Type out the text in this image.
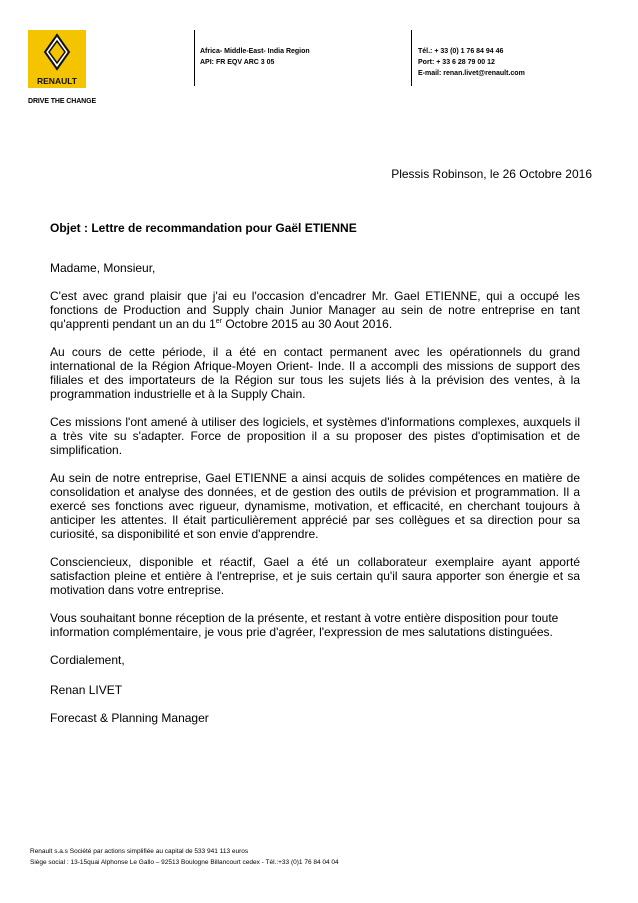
RENAULT
DRIVE THE CHANGE
Africa- Middle-East- India Region
API: FR EQV ARC 3 05
Tél.: + 33 (0) 1 76 84 94 46
Port: + 33 6 28 79 00 12
E-mail: renan.livet@renault.com
Plessis Robinson, le 26 Octobre 2016
Objet : Lettre de recommandation pour Gaël ETIENNE

Madame, Monsieur,

C'est avec grand plaisir que j'ai eu l'occasion d'encadrer Mr. Gael ETIENNE, qui a occupé les fonctions de Production and Supply chain Junior Manager au sein de notre entreprise en tant qu'apprenti pendant un an du 1er Octobre 2015 au 30 Aout 2016.

Au cours de cette période, il a été en contact permanent avec les opérationnels du grand international de la Région Afrique-Moyen Orient- Inde. Il a accompli des missions de support des filiales et des importateurs de la Région sur tous les sujets liés à la prévision des ventes, à la programmation industrielle et à la Supply Chain.

Ces missions l'ont amené à utiliser des logiciels, et systèmes d'informations complexes, auxquels il a très vite su s'adapter. Force de proposition il a su proposer des pistes d'optimisation et de simplification.

Au sein de notre entreprise, Gael ETIENNE a ainsi acquis de solides compétences en matière de consolidation et analyse des données, et de gestion des outils de prévision et programmation. Il a exercé ses fonctions avec rigueur, dynamisme, motivation, et efficacité, en cherchant toujours à anticiper les attentes. Il était particulièrement apprécié par ses collègues et sa direction pour sa curiosité, sa disponibilité et son envie d'apprendre.

Consciencieux, disponible et réactif, Gael a été un collaborateur exemplaire ayant apporté satisfaction pleine et entière à l'entreprise, et je suis certain qu'il saura apporter son énergie et sa motivation dans votre entreprise.

Vous souhaitant bonne réception de la présente, et restant à votre entière disposition pour toute information complémentaire, je vous prie d'agréer, l'expression de mes salutations distinguées.

Cordialement,

Renan LIVET
Forecast & Planning Manager
Renault s.a.s Société par actions simplifiée au capital de 533 941 113 euros
Siège social : 13-15quai Alphonse Le Gallo – 92513 Boulogne Billancourt cedex - Tél.:+33 (0)1 76 84 04 04
